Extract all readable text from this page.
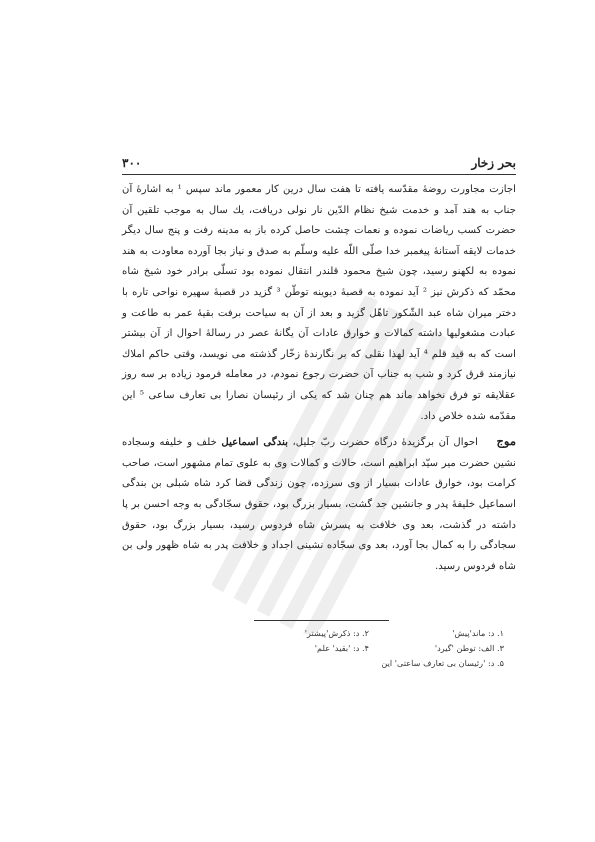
بحر زخار
۳۰۰

اجازت مجاورت روضهٔ مقدّسه یافته تا هفت سال درین کار معمور ماند سپس ¹ به اشارهٔ آن جناب به هند آمد و خدمت شیخ نظام الدّین نار نولی دریافت، یك سال به موجب تلقین آن حضرت کسب ریاضات نموده و نعمات چشت حاصل کرده باز به مدینه رفت و پنج سال دیگر خدمات لایقه آستانهٔ پیغمبر خدا صلّی اللّه علیه وسلّم به صدق و نیاز بجا آورده معاودت به هند نموده به لکهنو رسید، چون شیخ محمود قلندر انتقال نموده بود تسلّی برادر خود شیخ شاه محمّد که ذکرش نیز ² آید نموده به قصبهٔ دیوینه توطّن ³ گزید در قصبهٔ سهیره نواحی تاره با دختر میران شاه عبد الشّکور تاهّل گزید و بعد از آن به سیاحت برفت بقیهٔ عمر به طاعت و عبادت مشغولیها داشته کمالات و خوارق عادات آن یگانهٔ عصر در رسالهٔ احوال از آن بیشتر است که به قید قلم ⁴ آید لهذا نقلی که بر نگارندهٔ زخّار گذشته می نویسد، وقتی حاکم املاك نیازمند قرق کرد و شب به جناب آن حضرت رجوع نمودم، در معامله فرمود زیاده بر سه روز عقلایقه تو فرق نخواهد ماند هم چنان شد که یکی از رئیسان نصارا بی تعارف ساعی ⁵ این مقدّمه شده خلاص داد.

موج احوال آن برگزیدهٔ درگاه حضرت ربّ جلیل، بندگی اسماعیل خلف و خلیفه وسجاده نشین حضرت میر سیّد ابراهیم است، حالات و کمالات وی به علوی تمام مشهور است، صاحب کرامت بود، خوارق عادات بسیار از وی سرزده، چون زندگی قضا کرد شاه شبلی بن بندگی اسماعیل خلیفهٔ پدر و جانشین جد گشت، بسیار بزرگ بود، حقوق سجّادگی به وجه احسن بر پا داشته در گذشت، بعد وی خلافت به پسرش شاه فردوس رسید، بسیار بزرگ بود، حقوق سجادگی را به کمال بجا آورد، بعد وی سجّاده نشینی اجداد و خلافت پدر به شاه ظهور ولی بن شاه فردوس رسید.

۱. د: ماند'پیش'
۲. د: ذکرش'پیشتر'
۳. الف: توطن 'گیرد'
۴. د: 'بقید' علم'
۵. د: 'رئیسان بی تعارف ساعتی' این
